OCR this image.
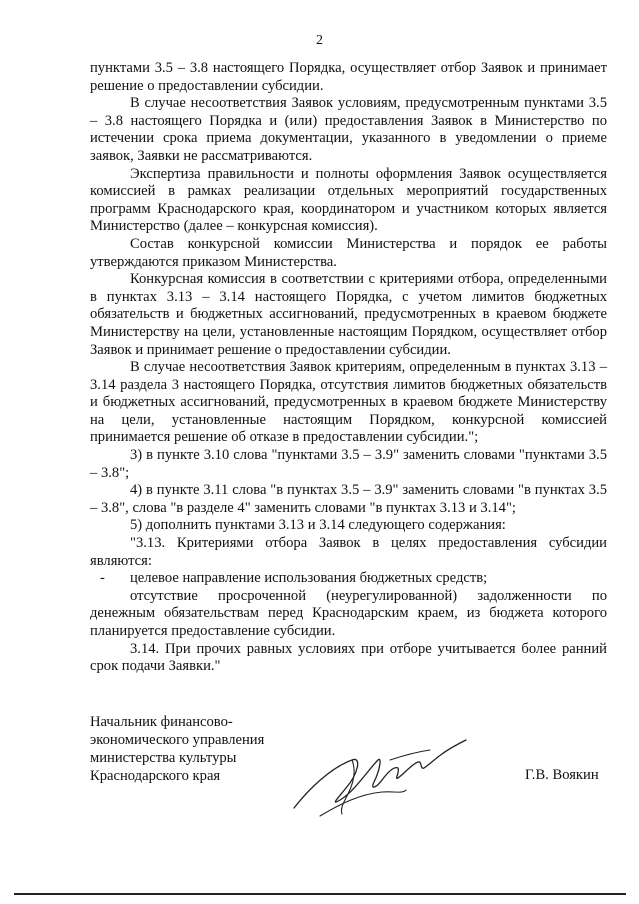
2

пунктами 3.5 – 3.8 настоящего Порядка, осуществляет отбор Заявок и принимает решение о предоставлении субсидии.

В случае несоответствия Заявок условиям, предусмотренным пунктами 3.5 – 3.8 настоящего Порядка и (или) предоставления Заявок в Министерство по истечении срока приема документации, указанного в уведомлении о приеме заявок, Заявки не рассматриваются.

Экспертиза правильности и полноты оформления Заявок осуществляется комиссией в рамках реализации отдельных мероприятий государственных программ Краснодарского края, координатором и участником которых является Министерство (далее – конкурсная комиссия).

Состав конкурсной комиссии Министерства и порядок ее работы утверждаются приказом Министерства.

Конкурсная комиссия в соответствии с критериями отбора, определенными в пунктах 3.13 – 3.14 настоящего Порядка, с учетом лимитов бюджетных обязательств и бюджетных ассигнований, предусмотренных в краевом бюджете Министерству на цели, установленные настоящим Порядком, осуществляет отбор Заявок и принимает решение о предоставлении субсидии.

В случае несоответствия Заявок критериям, определенным в пунктах 3.13 – 3.14 раздела 3 настоящего Порядка, отсутствия лимитов бюджетных обязательств и бюджетных ассигнований, предусмотренных в краевом бюджете Министерству на цели, установленные настоящим Порядком, конкурсной комиссией принимается решение об отказе в предоставлении субсидии.";

3) в пункте 3.10 слова "пунктами 3.5 – 3.9" заменить словами "пунктами 3.5 – 3.8";

4) в пункте 3.11 слова "в пунктах 3.5 – 3.9" заменить словами "в пунктах 3.5 – 3.8", слова "в разделе 4" заменить словами "в пунктах 3.13 и 3.14";

5) дополнить пунктами 3.13 и 3.14 следующего содержания:

"3.13. Критериями отбора Заявок в целях предоставления субсидии являются:

- целевое направление использования бюджетных средств;

отсутствие просроченной (неурегулированной) задолженности по денежным обязательствам перед Краснодарским краем, из бюджета которого планируется предоставление субсидии.

3.14. При прочих равных условиях при отборе учитывается более ранний срок подачи Заявки."

Начальник финансово-
экономического управления
министерства культуры
Краснодарского края	Г.В. Воякин
